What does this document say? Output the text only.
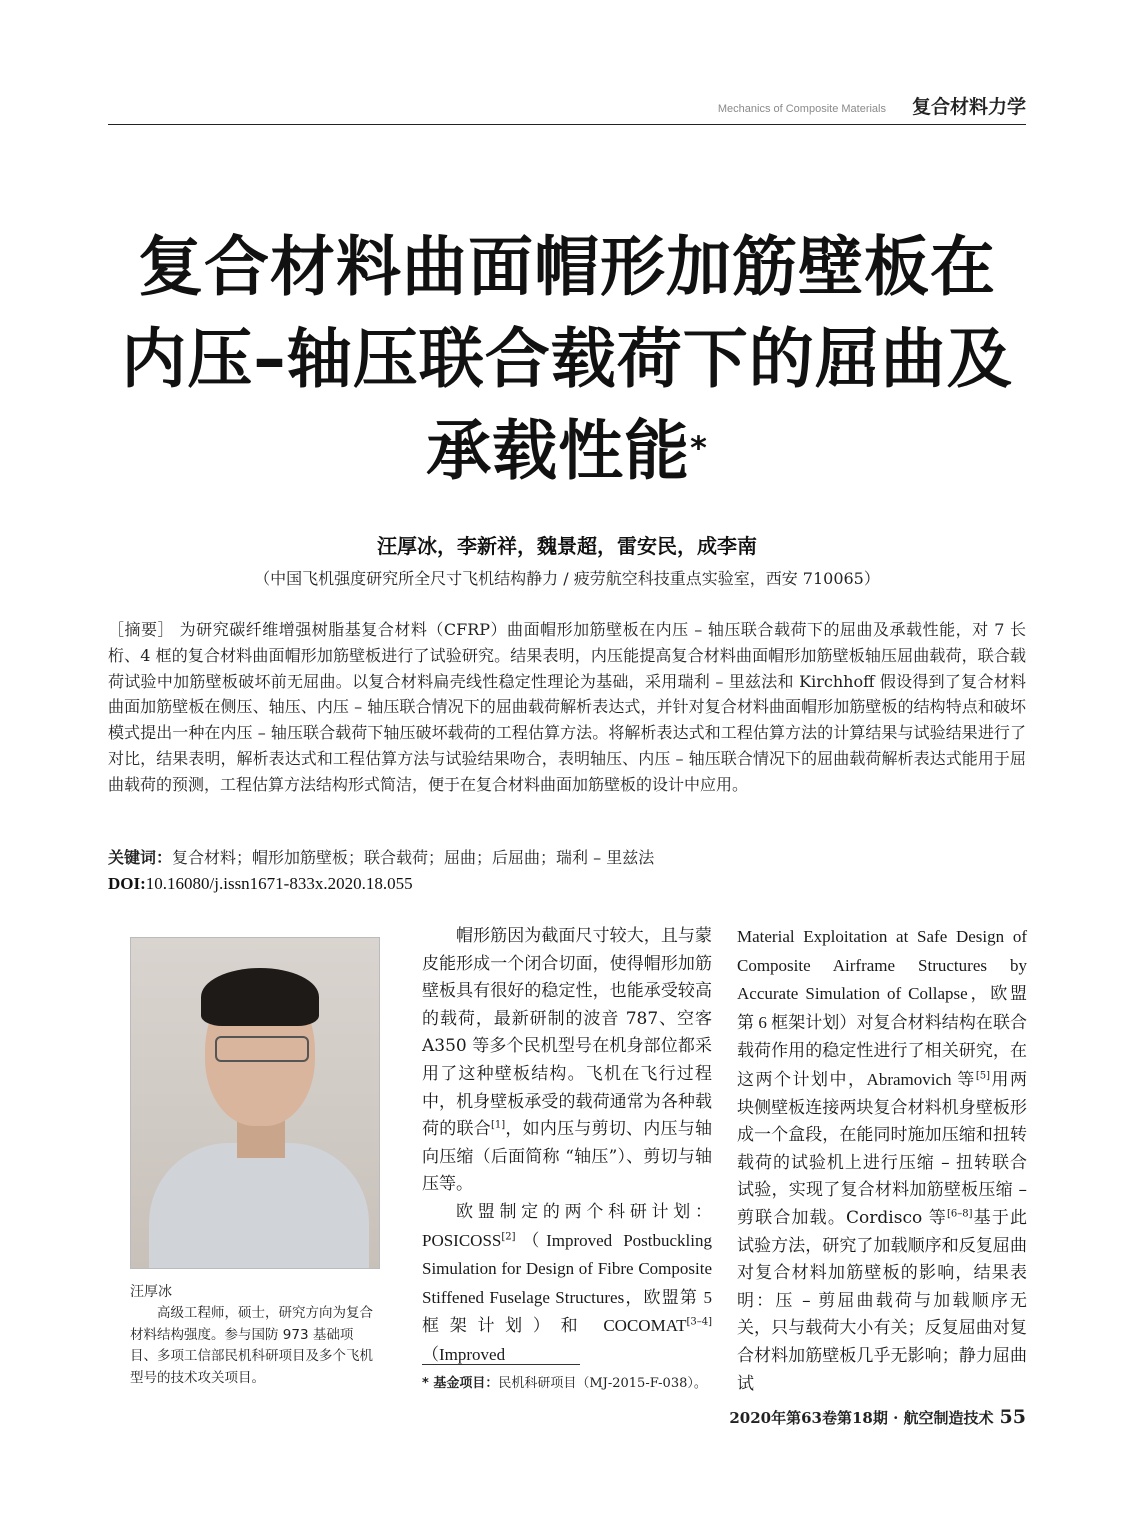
Mechanics of Composite Materials 复合材料力学
复合材料曲面帽形加筋壁板在
内压–轴压联合载荷下的屈曲及
承载性能*
汪厚冰，李新祥，魏景超，雷安民，成李南
（中国飞机强度研究所全尺寸飞机结构静力 / 疲劳航空科技重点实验室，西安 710065）
［摘要］ 为研究碳纤维增强树脂基复合材料（CFRP）曲面帽形加筋壁板在内压 – 轴压联合载荷下的屈曲及承载性能，对 7 长桁、4 框的复合材料曲面帽形加筋壁板进行了试验研究。结果表明，内压能提高复合材料曲面帽形加筋壁板轴压屈曲载荷，联合载荷试验中加筋壁板破坏前无屈曲。以复合材料扁壳线性稳定性理论为基础，采用瑞利 – 里兹法和 Kirchhoff 假设得到了复合材料曲面加筋壁板在侧压、轴压、内压 – 轴压联合情况下的屈曲载荷解析表达式，并针对复合材料曲面帽形加筋壁板的结构特点和破坏模式提出一种在内压 – 轴压联合载荷下轴压破坏载荷的工程估算方法。将解析表达式和工程估算方法的计算结果与试验结果进行了对比，结果表明，解析表达式和工程估算方法与试验结果吻合，表明轴压、内压 – 轴压联合情况下的屈曲载荷解析表达式能用于屈曲载荷的预测，工程估算方法结构形式简洁，便于在复合材料曲面加筋壁板的设计中应用。
关键词：复合材料；帽形加筋壁板；联合载荷；屈曲；后屈曲；瑞利 – 里兹法
DOI:10.16080/j.issn1671-833x.2020.18.055
汪厚冰
高级工程师，硕士，研究方向为复合材料结构强度。参与国防 973 基础项目、多项工信部民机科研项目及多个飞机型号的技术攻关项目。

帽形筋因为截面尺寸较大，且与蒙皮能形成一个闭合切面，使得帽形加筋壁板具有很好的稳定性，也能承受较高的载荷，最新研制的波音 787、空客 A350 等多个民机型号在机身部位都采用了这种壁板结构。飞机在飞行过程中，机身壁板承受的载荷通常为各种载荷的联合[1]，如内压与剪切、内压与轴向压缩（后面简称 “轴压”）、剪切与轴压等。

欧盟制定的两个科研计划：POSICOSS[2]（Improved Postbuckling Simulation for Design of Fibre Composite Stiffened Fuselage Structures，欧盟第 5 框架计划）和 COCOMAT[3–4]（Improved

Material Exploitation at Safe Design of Composite Airframe Structures by Accurate Simulation of Collapse，欧盟第 6 框架计划）对复合材料结构在联合载荷作用的稳定性进行了相关研究，在这两个计划中，Abramovich 等[5]用两块侧壁板连接两块复合材料机身壁板形成一个盒段，在能同时施加压缩和扭转载荷的试验机上进行压缩 – 扭转联合试验，实现了复合材料加筋壁板压缩 – 剪联合加载。Cordisco 等[6–8]基于此试验方法，研究了加载顺序和反复屈曲对复合材料加筋壁板的影响，结果表明：压 – 剪屈曲载荷与加载顺序无关，只与载荷大小有关；反复屈曲对复合材料加筋壁板几乎无影响；静力屈曲试

* 基金项目：民机科研项目（MJ-2015-F-038）。
2020年第63卷第18期 · 航空制造技术 55
